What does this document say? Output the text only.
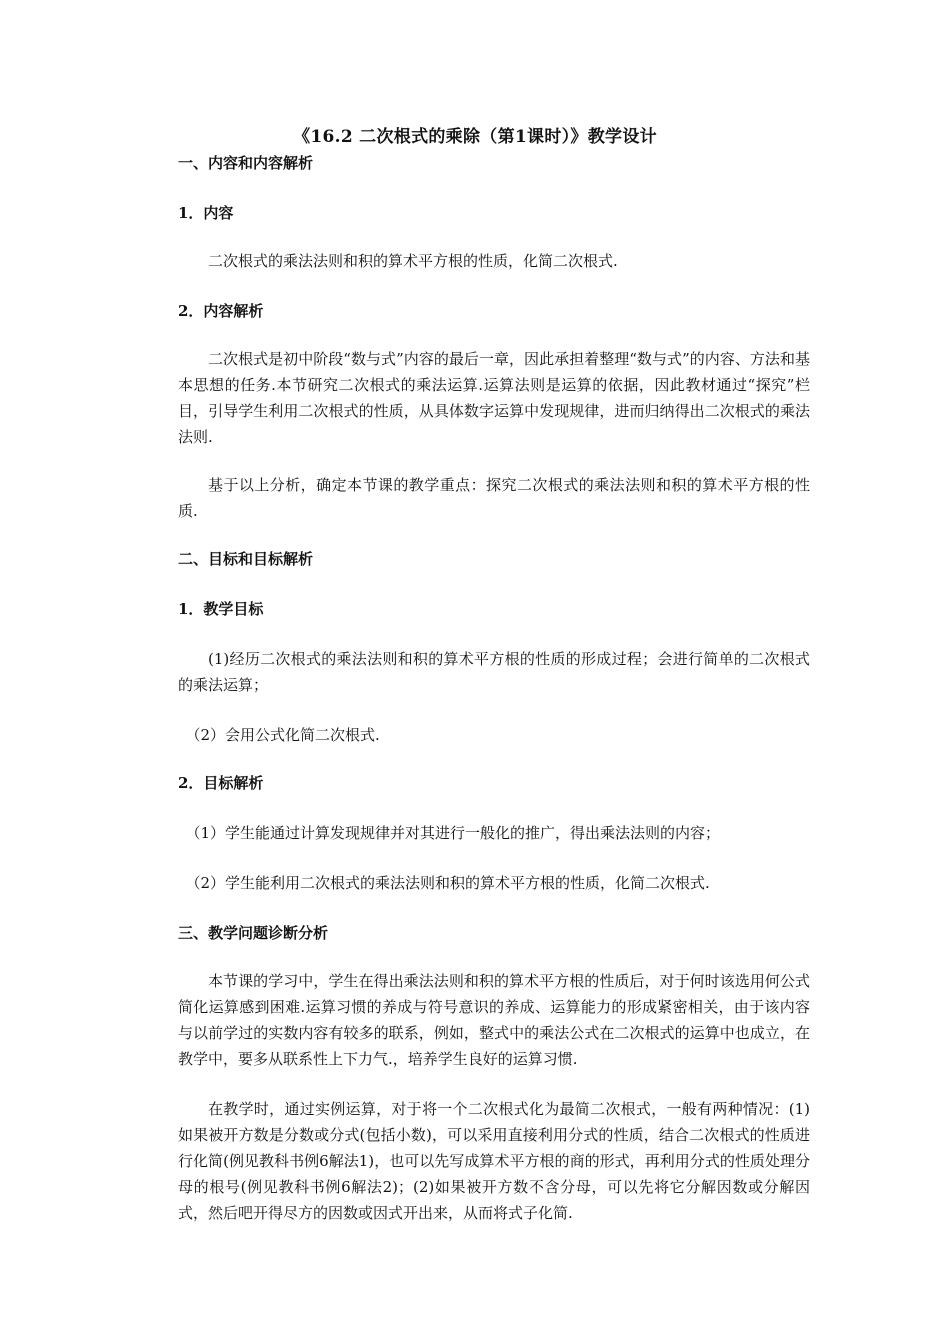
《16.2 二次根式的乘除（第1课时）》教学设计
一、内容和内容解析
1．内容
二次根式的乘法法则和积的算术平方根的性质，化简二次根式.
2．内容解析
二次根式是初中阶段“数与式”内容的最后一章，因此承担着整理“数与式”的内容、方法和基本思想的任务.本节研究二次根式的乘法运算.运算法则是运算的依据，因此教材通过“探究”栏目，引导学生利用二次根式的性质，从具体数字运算中发现规律，进而归纳得出二次根式的乘法法则.
基于以上分析，确定本节课的教学重点：探究二次根式的乘法法则和积的算术平方根的性质.
二、目标和目标解析
1．教学目标
(1)经历二次根式的乘法法则和积的算术平方根的性质的形成过程；会进行简单的二次根式的乘法运算；
（2）会用公式化简二次根式.
2．目标解析
（1）学生能通过计算发现规律并对其进行一般化的推广，得出乘法法则的内容；
（2）学生能利用二次根式的乘法法则和积的算术平方根的性质，化简二次根式.
三、教学问题诊断分析
本节课的学习中，学生在得出乘法法则和积的算术平方根的性质后，对于何时该选用何公式简化运算感到困难.运算习惯的养成与符号意识的养成、运算能力的形成紧密相关，由于该内容与以前学过的实数内容有较多的联系，例如，整式中的乘法公式在二次根式的运算中也成立，在教学中，要多从联系性上下力气.，培养学生良好的运算习惯.
在教学时，通过实例运算，对于将一个二次根式化为最简二次根式，一般有两种情况：(1)如果被开方数是分数或分式(包括小数)，可以采用直接利用分式的性质，结合二次根式的性质进行化简(例见教科书例6解法1)，也可以先写成算术平方根的商的形式，再利用分式的性质处理分母的根号(例见教科书例6解法2)；(2)如果被开方数不含分母，可以先将它分解因数或分解因式，然后吧开得尽方的因数或因式开出来，从而将式子化简.
